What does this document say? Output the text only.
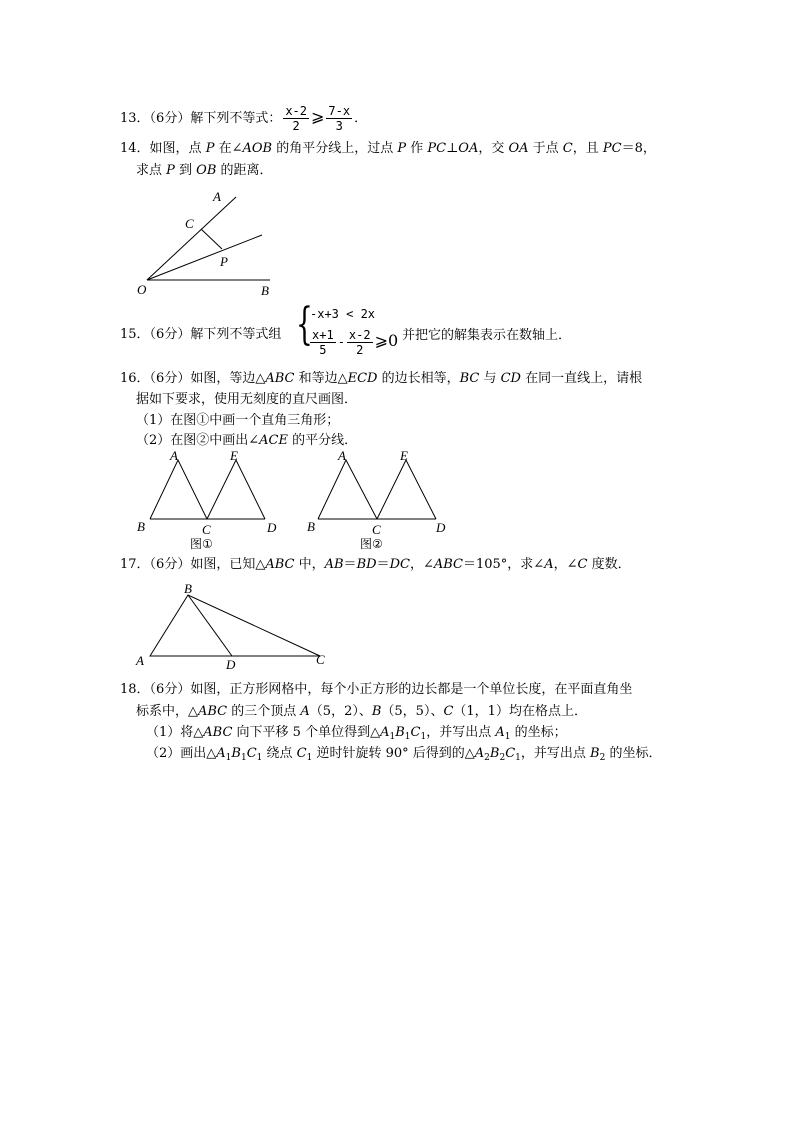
13．（6分）解下列不等式： $\frac{x-2}{2}$ ⩾ $\frac{7-x}{3}$ ．
14．如图，点 P 在∠AOB 的角平分线上，过点 P 作 PC⊥OA，交 OA 于点 C，且 PC＝8，
求点 P 到 OB 的距离．
A
C
P
O	B
15．（6分）解下列不等式组 {
-x+3 < 2x
$\frac{x+1}{5} - \frac{x-2}{2}$ ⩾0 并把它的解集表示在数轴上．
16．（6分）如图，等边△ABC 和等边△ECD 的边长相等，BC 与 CD 在同一直线上，请根
据如下要求，使用无刻度的直尺画图．
（1）在图①中画一个直角三角形；
（2）在图②中画出∠ACE 的平分线．
A	E
B	C	D
图①
A	E
B	C	D
图②
17．（6分）如图，已知△ABC 中，AB＝BD＝DC，∠ABC＝105°，求∠A，∠C 度数．
B
A	D	C
18．（6分）如图，正方形网格中，每个小正方形的边长都是一个单位长度，在平面直角坐
标系中，△ABC 的三个顶点 A（5，2）、B（5，5）、C（1，1）均在格点上．
（1）将△ABC 向下平移 5 个单位得到$\triangle A_1B_1C_1$，并写出点 $A_1$ 的坐标；
（2）画出$\triangle A_1B_1C_1$ 绕点 $C_1$ 逆时针旋转 90° 后得到的$\triangle A_2B_2C_1$，并写出点 $B_2$ 的坐标．
